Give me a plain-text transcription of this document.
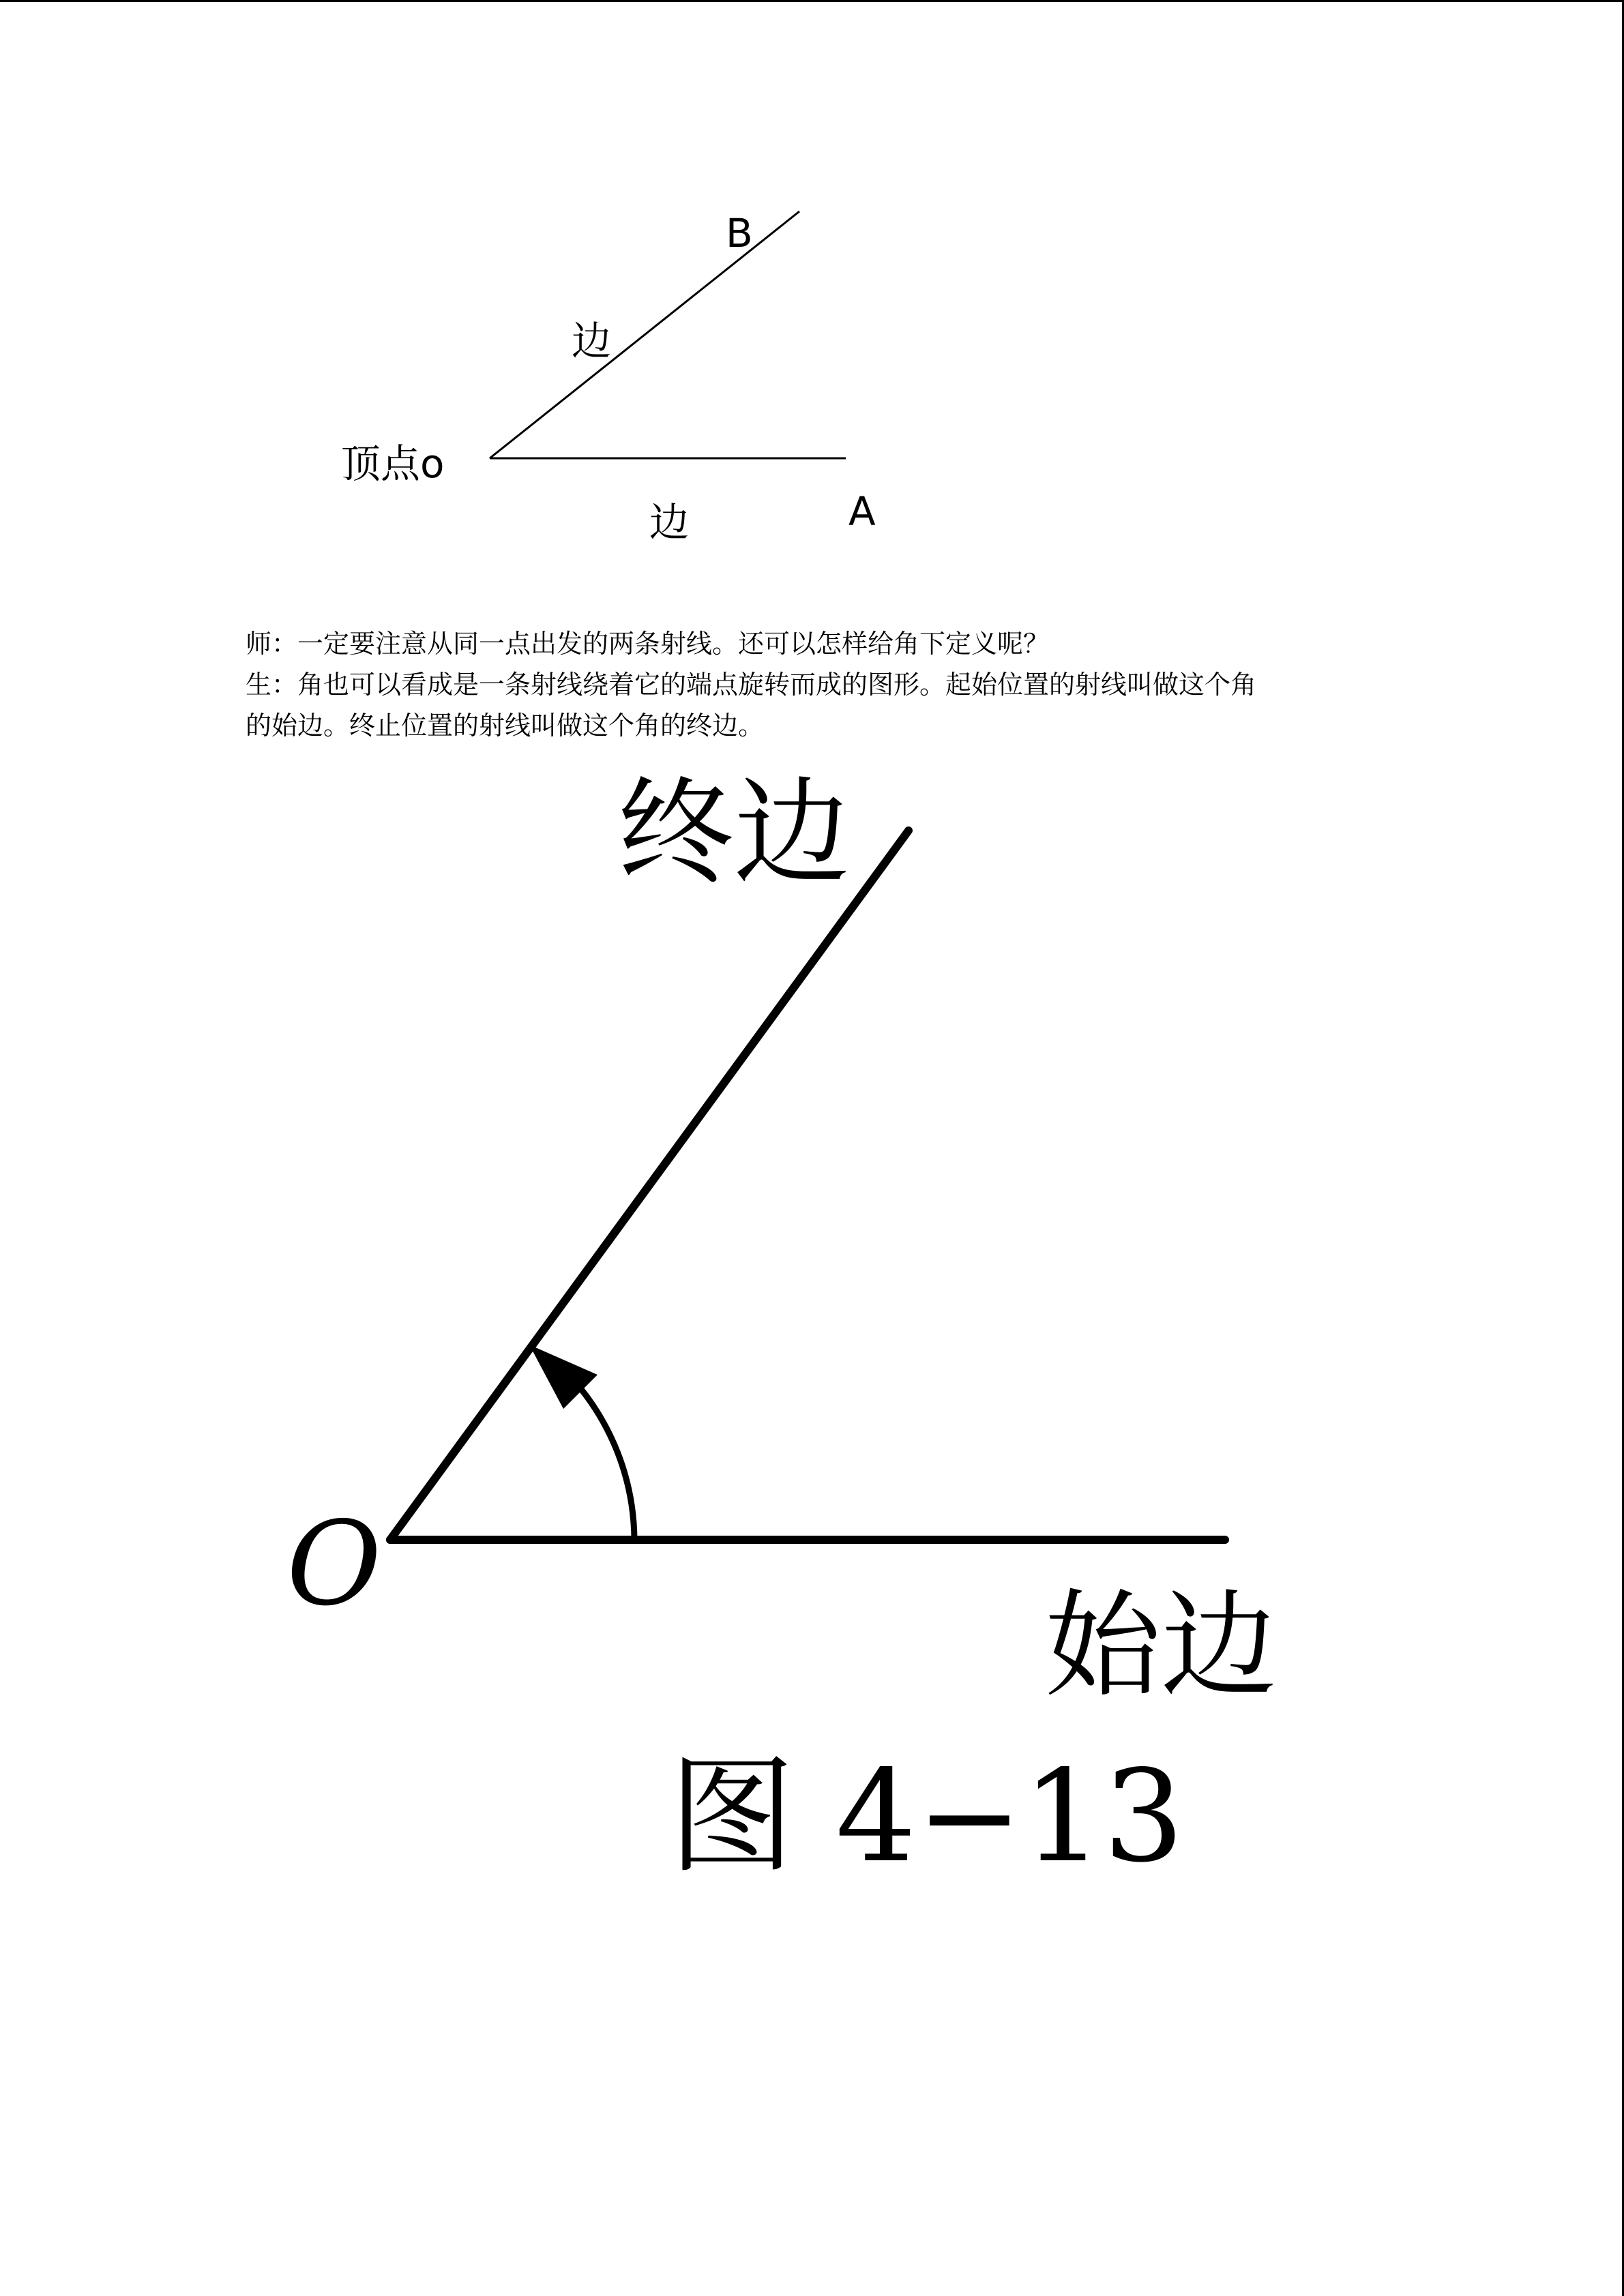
B
边
顶点o
A
边

师：一定要注意从同一点出发的两条射线。还可以怎样给角下定义呢？

生：角也可以看成是一条射线绕着它的端点旋转而成的图形。起始位置的射线叫做这个角

的始边。终止位置的射线叫做这个角的终边。

终边
O
始边
图 4−13
